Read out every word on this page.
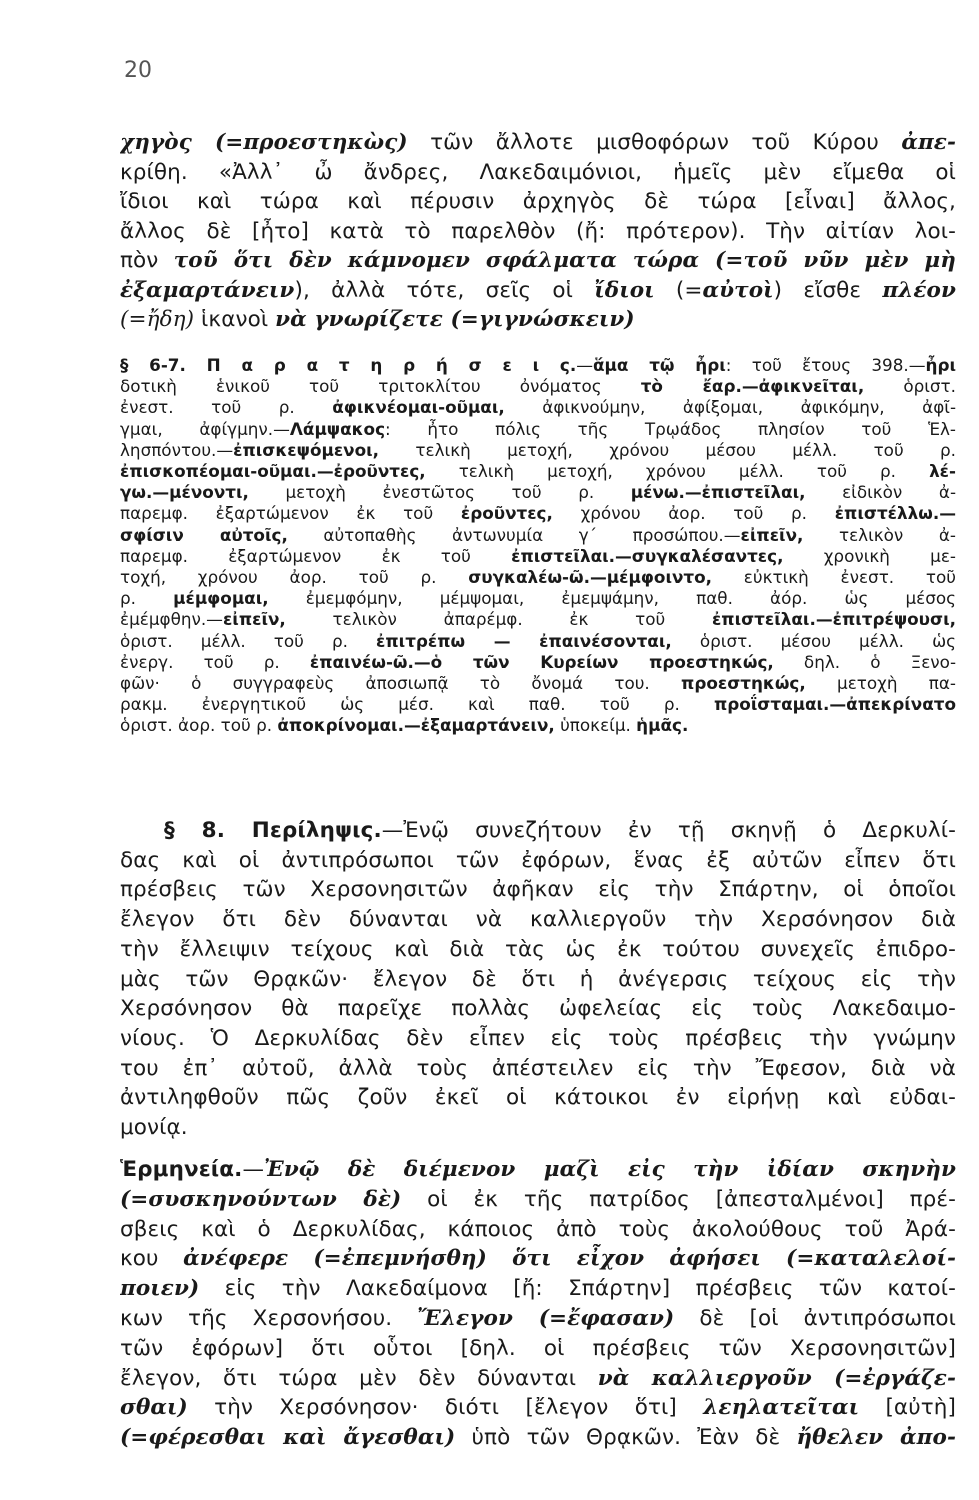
20
χηγὸς (=προεστηκὼς) τῶν ἄλλοτε μισθοφόρων τοῦ Κύρου ἀπε-
κρίθη. «Ἀλλ᾽ ὦ ἄνδρες, Λακεδαιμόνιοι, ἡμεῖς μὲν εἴμεθα οἱ
ἴδιοι καὶ τώρα καὶ πέρυσιν ἀρχηγὸς δὲ τώρα [εἶναι] ἄλλος,
ἄλλος δὲ [ἦτο] κατὰ τὸ παρελθὸν (ἤ: πρότερον). Τὴν αἰτίαν λοι-
πὸν τοῦ ὅτι δὲν κάμνομεν σφάλματα τώρα (=τοῦ νῦν μὲν μὴ
ἐξαμαρτάνειν), ἀλλὰ τότε, σεῖς οἱ ἴδιοι (=αὐτοὶ) εἴσθε πλέον
(=ἤδη) ἱκανοὶ νὰ γνωρίζετε (=γιγνώσκειν)
§ 6-7. Π α ρ α τ η ρ ή σ ε ι ς.—ἅμα τῷ ἦρι: τοῦ ἔτους 398.—ἦρι
δοτικὴ ἑνικοῦ τοῦ τριτοκλίτου ὀνόματος τὸ ἔαρ.—ἀφικνεῖται, ὁριστ.
ἐνεστ. τοῦ ρ. ἀφικνέομαι-οῦμαι, ἀφικνούμην, ἀφίξομαι, ἀφικόμην, ἀφῖ-
γμαι, ἀφίγμην.—Λάμψακος: ἦτο πόλις τῆς Τρῳάδος πλησίον τοῦ Ἑλ-
λησπόντου.—ἐπισκεψόμενοι, τελικὴ μετοχή, χρόνου μέσου μέλλ. τοῦ ρ.
ἐπισκοπέομαι-οῦμαι.—ἐροῦντες, τελικὴ μετοχή, χρόνου μέλλ. τοῦ ρ. λέ-
γω.—μένοντι, μετοχὴ ἐνεστῶτος τοῦ ρ. μένω.—ἐπιστεῖλαι, εἰδικὸν ἀ-
παρεμφ. ἐξαρτώμενον ἐκ τοῦ ἐροῦντες, χρόνου ἀορ. τοῦ ρ. ἐπιστέλλω.—
σφίσιν αὐτοῖς, αὐτοπαθὴς ἀντωνυμία γ´ προσώπου.—εἰπεῖν, τελικὸν ἀ-
παρεμφ. ἐξαρτώμενον ἐκ τοῦ ἐπιστεῖλαι.—συγκαλέσαντες, χρονικὴ με-
τοχή, χρόνου ἀορ. τοῦ ρ. συγκαλέω-ῶ.—μέμφοιντο, εὐκτικὴ ἐνεστ. τοῦ
ρ. μέμφομαι, ἐμεμφόμην, μέμψομαι, ἐμεμψάμην, παθ. ἀόρ. ὡς μέσος
ἐμέμφθην.—εἰπεῖν, τελικὸν ἀπαρέμφ. ἐκ τοῦ ἐπιστεῖλαι.—ἐπιτρέψουσι,
ὁριστ. μέλλ. τοῦ ρ. ἐπιτρέπω — ἐπαινέσονται, ὁριστ. μέσου μέλλ. ὡς
ἐνεργ. τοῦ ρ. ἐπαινέω-ῶ.—ὁ τῶν Κυρείων προεστηκώς, δηλ. ὁ Ξενο-
φῶν· ὁ συγγραφεὺς ἀποσιωπᾷ τὸ ὄνομά του. προεστηκώς, μετοχὴ πα-
ρακμ. ἐνεργητικοῦ ὡς μέσ. καὶ παθ. τοῦ ρ. προΐσταμαι.—ἀπεκρίνατο
ὁριστ. ἀορ. τοῦ ρ. ἀποκρίνομαι.—ἐξαμαρτάνειν, ὑποκείμ. ἡμᾶς.
§ 8. Περίληψις.—Ἐνῷ συνεζήτουν ἐν τῇ σκηνῇ ὁ Δερκυλί-
δας καὶ οἱ ἀντιπρόσωποι τῶν ἐφόρων, ἕνας ἐξ αὐτῶν εἶπεν ὅτι
πρέσβεις τῶν Χερσονησιτῶν ἀφῆκαν εἰς τὴν Σπάρτην, οἱ ὁποῖοι
ἔλεγον ὅτι δὲν δύνανται νὰ καλλιεργοῦν τὴν Χερσόνησον διὰ
τὴν ἔλλειψιν τείχους καὶ διὰ τὰς ὡς ἐκ τούτου συνεχεῖς ἐπιδρο-
μὰς τῶν Θρᾳκῶν· ἔλεγον δὲ ὅτι ἡ ἀνέγερσις τείχους εἰς τὴν
Χερσόνησον θὰ παρεῖχε πολλὰς ὠφελείας εἰς τοὺς Λακεδαιμο-
νίους. Ὁ Δερκυλίδας δὲν εἶπεν εἰς τοὺς πρέσβεις τὴν γνώμην
του ἐπ᾽ αὐτοῦ, ἀλλὰ τοὺς ἀπέστειλεν εἰς τὴν Ἔφεσον, διὰ νὰ
ἀντιληφθοῦν πῶς ζοῦν ἐκεῖ οἱ κάτοικοι ἐν εἰρήνῃ καὶ εὐδαι-
μονίᾳ.
Ἑρμηνεία.—Ἐνῷ δὲ διέμενον μαζὶ εἰς τὴν ἰδίαν σκηνὴν
(=συσκηνούντων δὲ) οἱ ἐκ τῆς πατρίδος [ἀπεσταλμένοι] πρέ-
σβεις καὶ ὁ Δερκυλίδας, κάποιος ἀπὸ τοὺς ἀκολούθους τοῦ Ἀρά-
κου ἀνέφερε (=ἐπεμνήσθη) ὅτι εἶχον ἀφήσει (=καταλελοί-
ποιεν) εἰς τὴν Λακεδαίμονα [ἤ: Σπάρτην] πρέσβεις τῶν κατοί-
κων τῆς Χερσονήσου. Ἔλεγον (=ἔφασαν) δὲ [οἱ ἀντιπρόσωποι
τῶν ἐφόρων] ὅτι οὗτοι [δηλ. οἱ πρέσβεις τῶν Χερσονησιτῶν]
ἔλεγον, ὅτι τώρα μὲν δὲν δύνανται νὰ καλλιεργοῦν (=ἐργάζε-
σθαι) τὴν Χερσόνησον· διότι [ἔλεγον ὅτι] λεηλατεῖται [αὐτὴ]
(=φέρεσθαι καὶ ἄγεσθαι) ὑπὸ τῶν Θρᾳκῶν. Ἐὰν δὲ ἤθελεν ἀπο-
